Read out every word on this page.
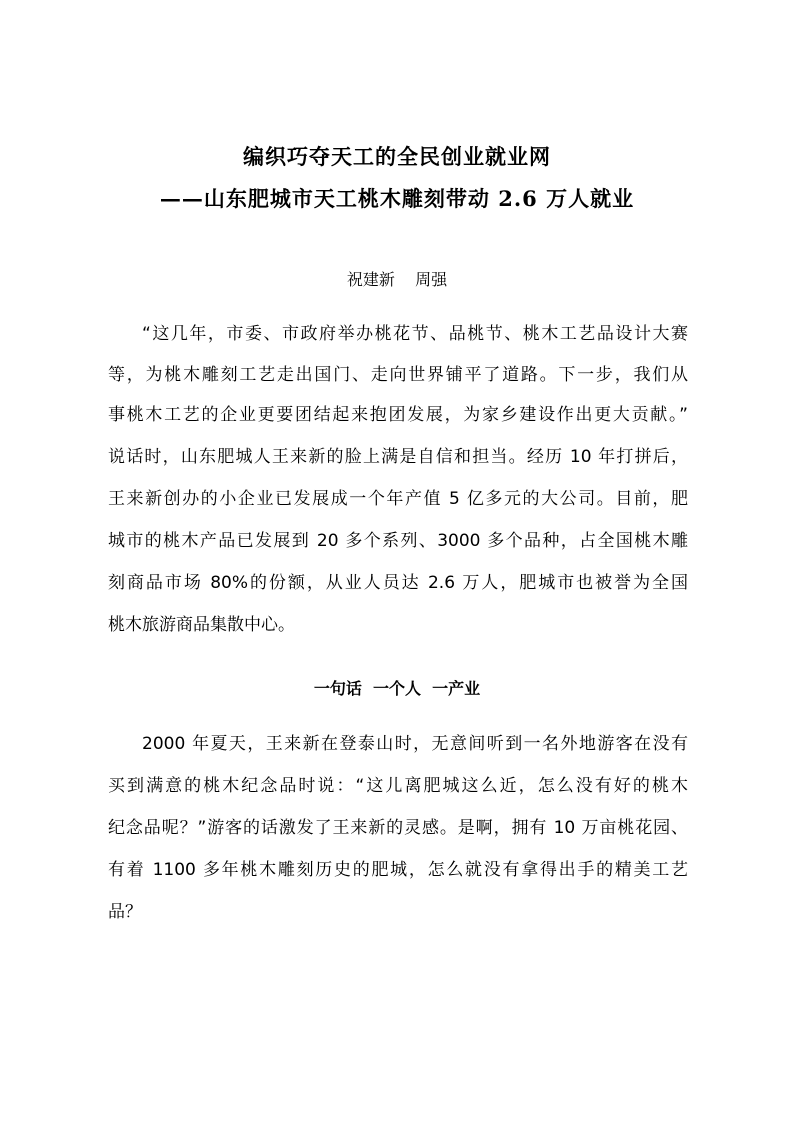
编织巧夺天工的全民创业就业网
——山东肥城市天工桃木雕刻带动 2.6 万人就业
祝建新    周强
“这几年，市委、市政府举办桃花节、品桃节、桃木工艺品设计大赛
等，为桃木雕刻工艺走出国门、走向世界铺平了道路。下一步，我们从
事桃木工艺的企业更要团结起来抱团发展，为家乡建设作出更大贡献。”
说话时，山东肥城人王来新的脸上满是自信和担当。经历 10 年打拼后，
王来新创办的小企业已发展成一个年产值 5 亿多元的大公司。目前，肥
城市的桃木产品已发展到 20 多个系列、3000 多个品种，占全国桃木雕
刻商品市场 80%的份额，从业人员达 2.6 万人，肥城市也被誉为全国
桃木旅游商品集散中心。
一句话  一个人  一产业
2000 年夏天，王来新在登泰山时，无意间听到一名外地游客在没有
买到满意的桃木纪念品时说：“这儿离肥城这么近，怎么没有好的桃木
纪念品呢？”游客的话激发了王来新的灵感。是啊，拥有 10 万亩桃花园、
有着 1100 多年桃木雕刻历史的肥城，怎么就没有拿得出手的精美工艺
品？
